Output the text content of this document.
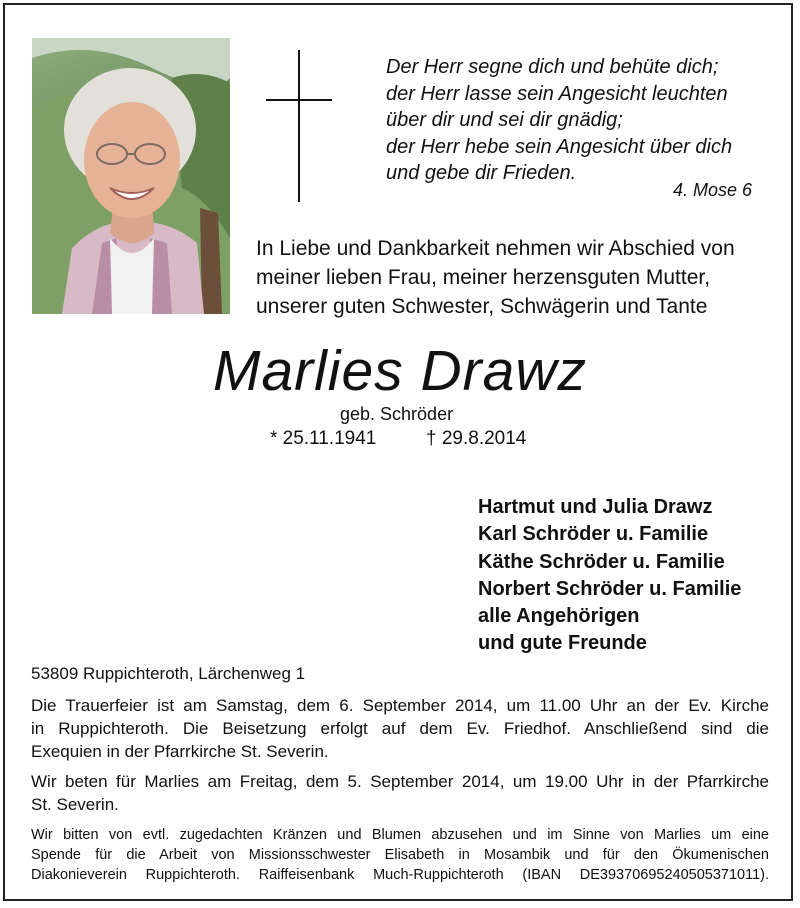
Der Herr segne dich und behüte dich;
der Herr lasse sein Angesicht leuchten
über dir und sei dir gnädig;
der Herr hebe sein Angesicht über dich
und gebe dir Frieden.
4. Mose 6
In Liebe und Dankbarkeit nehmen wir Abschied von
meiner lieben Frau, meiner herzensguten Mutter,
unserer guten Schwester, Schwägerin und Tante
Marlies Drawz
geb. Schröder
* 25.11.1941	† 29.8.2014
Hartmut und Julia Drawz
Karl Schröder u. Familie
Käthe Schröder u. Familie
Norbert Schröder u. Familie
alle Angehörigen
und gute Freunde
53809 Ruppichteroth, Lärchenweg 1
Die Trauerfeier ist am Samstag, dem 6. September 2014, um 11.00 Uhr an der Ev. Kirche
in Ruppichteroth. Die Beisetzung erfolgt auf dem Ev. Friedhof. Anschließend sind die
Exequien in der Pfarrkirche St. Severin.
Wir beten für Marlies am Freitag, dem 5. September 2014, um 19.00 Uhr in der Pfarrkirche
St. Severin.
Wir bitten von evtl. zugedachten Kränzen und Blumen abzusehen und im Sinne von Marlies um eine
Spende für die Arbeit von Missionsschwester Elisabeth in Mosambik und für den Ökumenischen
Diakonieverein Ruppichteroth. Raiffeisenbank Much-Ruppichteroth (IBAN DE39370695240505371011).
